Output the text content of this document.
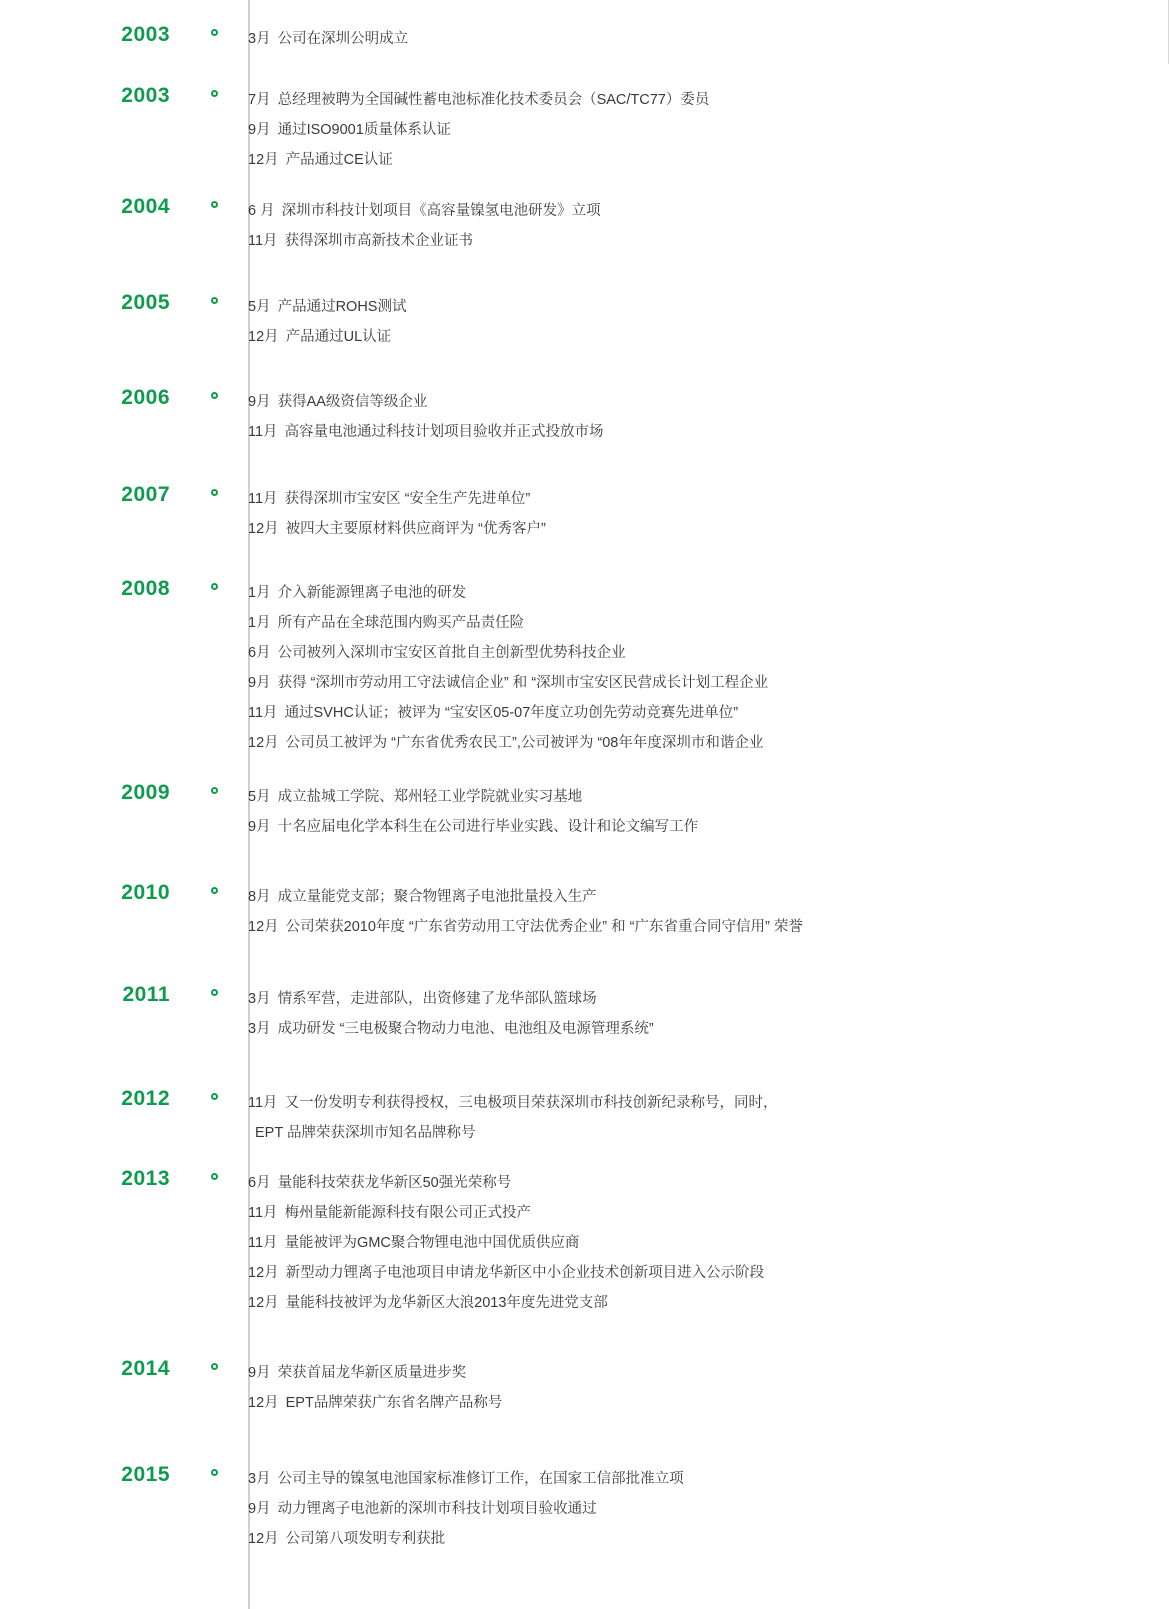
2003	3月 公司在深圳公明成立
2003	7月 总经理被聘为全国碱性蓄电池标准化技术委员会（SAC/TC77）委员
9月 通过ISO9001质量体系认证
12月 产品通过CE认证
2004	6 月 深圳市科技计划项目《高容量镍氢电池研发》立项
11月 获得深圳市高新技术企业证书
2005	5月 产品通过ROHS测试
12月 产品通过UL认证
2006	9月 获得AA级资信等级企业
11月 高容量电池通过科技计划项目验收并正式投放市场
2007	11月 获得深圳市宝安区 “安全生产先进单位”
12月 被四大主要原材料供应商评为 “优秀客户”
2008	1月 介入新能源锂离子电池的研发
1月 所有产品在全球范围内购买产品责任险
6月 公司被列入深圳市宝安区首批自主创新型优势科技企业
9月 获得 “深圳市劳动用工守法诚信企业” 和 “深圳市宝安区民营成长计划工程企业
11月 通过SVHC认证；被评为 “宝安区05-07年度立功创先劳动竞赛先进单位”
12月 公司员工被评为 “广东省优秀农民工”,公司被评为 “08年年度深圳市和谐企业
2009	5月 成立盐城工学院、郑州轻工业学院就业实习基地
9月 十名应届电化学本科生在公司进行毕业实践、设计和论文编写工作
2010	8月 成立量能党支部；聚合物锂离子电池批量投入生产
12月 公司荣获2010年度 “广东省劳动用工守法优秀企业” 和 “广东省重合同守信用” 荣誉
2011	3月 情系军营，走进部队，出资修建了龙华部队篮球场
3月 成功研发 “三电极聚合物动力电池、电池组及电源管理系统”
2012	11月 又一份发明专利获得授权，三电极项目荣获深圳市科技创新纪录称号，同时，
EPT 品牌荣获深圳市知名品牌称号
2013	6月 量能科技荣获龙华新区50强光荣称号
11月 梅州量能新能源科技有限公司正式投产
11月 量能被评为GMC聚合物锂电池中国优质供应商
12月 新型动力锂离子电池项目申请龙华新区中小企业技术创新项目进入公示阶段
12月 量能科技被评为龙华新区大浪2013年度先进党支部
2014	9月 荣获首届龙华新区质量进步奖
12月 EPT品牌荣获广东省名牌产品称号
2015	3月 公司主导的镍氢电池国家标准修订工作，在国家工信部批准立项
9月 动力锂离子电池新的深圳市科技计划项目验收通过
12月 公司第八项发明专利获批
